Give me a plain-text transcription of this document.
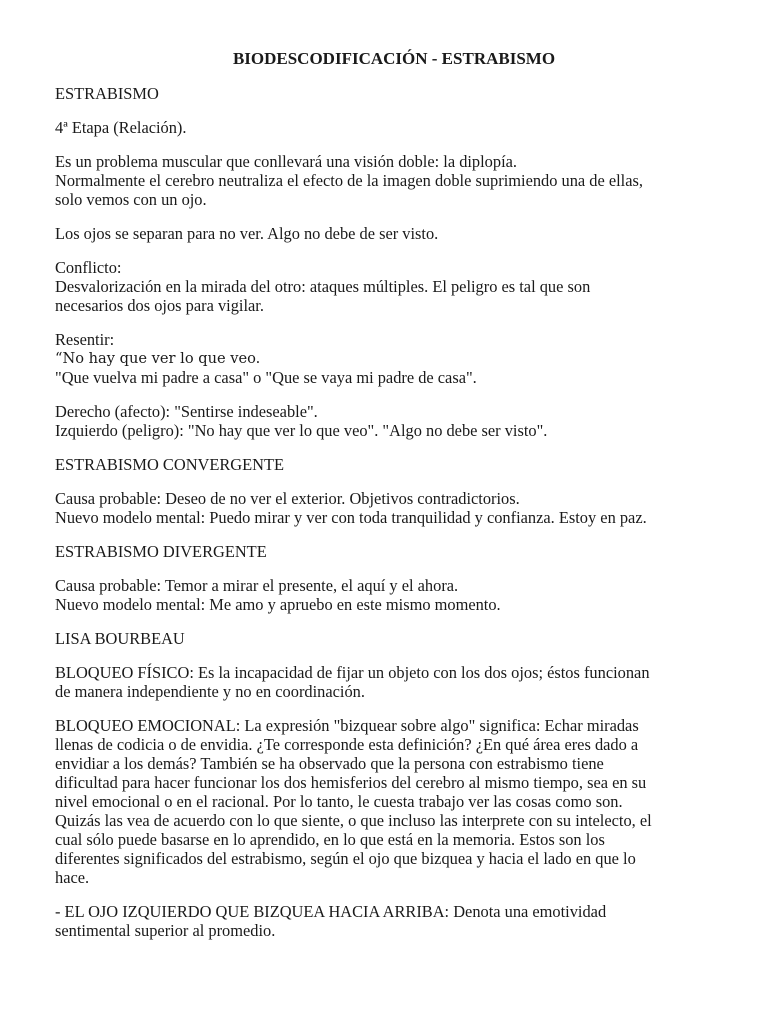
BIODESCODIFICACIÓN - ESTRABISMO
ESTRABISMO
4ª Etapa (Relación).
Es un problema muscular que conllevará una visión doble: la diplopía.
Normalmente el cerebro neutraliza el efecto de la imagen doble suprimiendo una de ellas,
solo vemos con un ojo.
Los ojos se separan para no ver. Algo no debe de ser visto.
Conflicto:
Desvalorización en la mirada del otro: ataques múltiples. El peligro es tal que son
necesarios dos ojos para vigilar.
Resentir:
“No hay que ver lo que veo.
"Que vuelva mi padre a casa" o "Que se vaya mi padre de casa".
Derecho (afecto): "Sentirse indeseable".
Izquierdo (peligro): "No hay que ver lo que veo". "Algo no debe ser visto".
ESTRABISMO CONVERGENTE
Causa probable: Deseo de no ver el exterior. Objetivos contradictorios.
Nuevo modelo mental: Puedo mirar y ver con toda tranquilidad y confianza. Estoy en paz.
ESTRABISMO DIVERGENTE
Causa probable: Temor a mirar el presente, el aquí y el ahora.
Nuevo modelo mental: Me amo y apruebo en este mismo momento.
LISA BOURBEAU
BLOQUEO FÍSICO: Es la incapacidad de fijar un objeto con los dos ojos; éstos funcionan
de manera independiente y no en coordinación.
BLOQUEO EMOCIONAL: La expresión "bizquear sobre algo" significa: Echar miradas
llenas de codicia o de envidia. ¿Te corresponde esta definición? ¿En qué área eres dado a
envidiar a los demás? También se ha observado que la persona con estrabismo tiene
dificultad para hacer funcionar los dos hemisferios del cerebro al mismo tiempo, sea en su
nivel emocional o en el racional. Por lo tanto, le cuesta trabajo ver las cosas como son.
Quizás las vea de acuerdo con lo que siente, o que incluso las interprete con su intelecto, el
cual sólo puede basarse en lo aprendido, en lo que está en la memoria. Estos son los
diferentes significados del estrabismo, según el ojo que bizquea y hacia el lado en que lo
hace.
- EL OJO IZQUIERDO QUE BIZQUEA HACIA ARRIBA: Denota una emotividad
sentimental superior al promedio.
